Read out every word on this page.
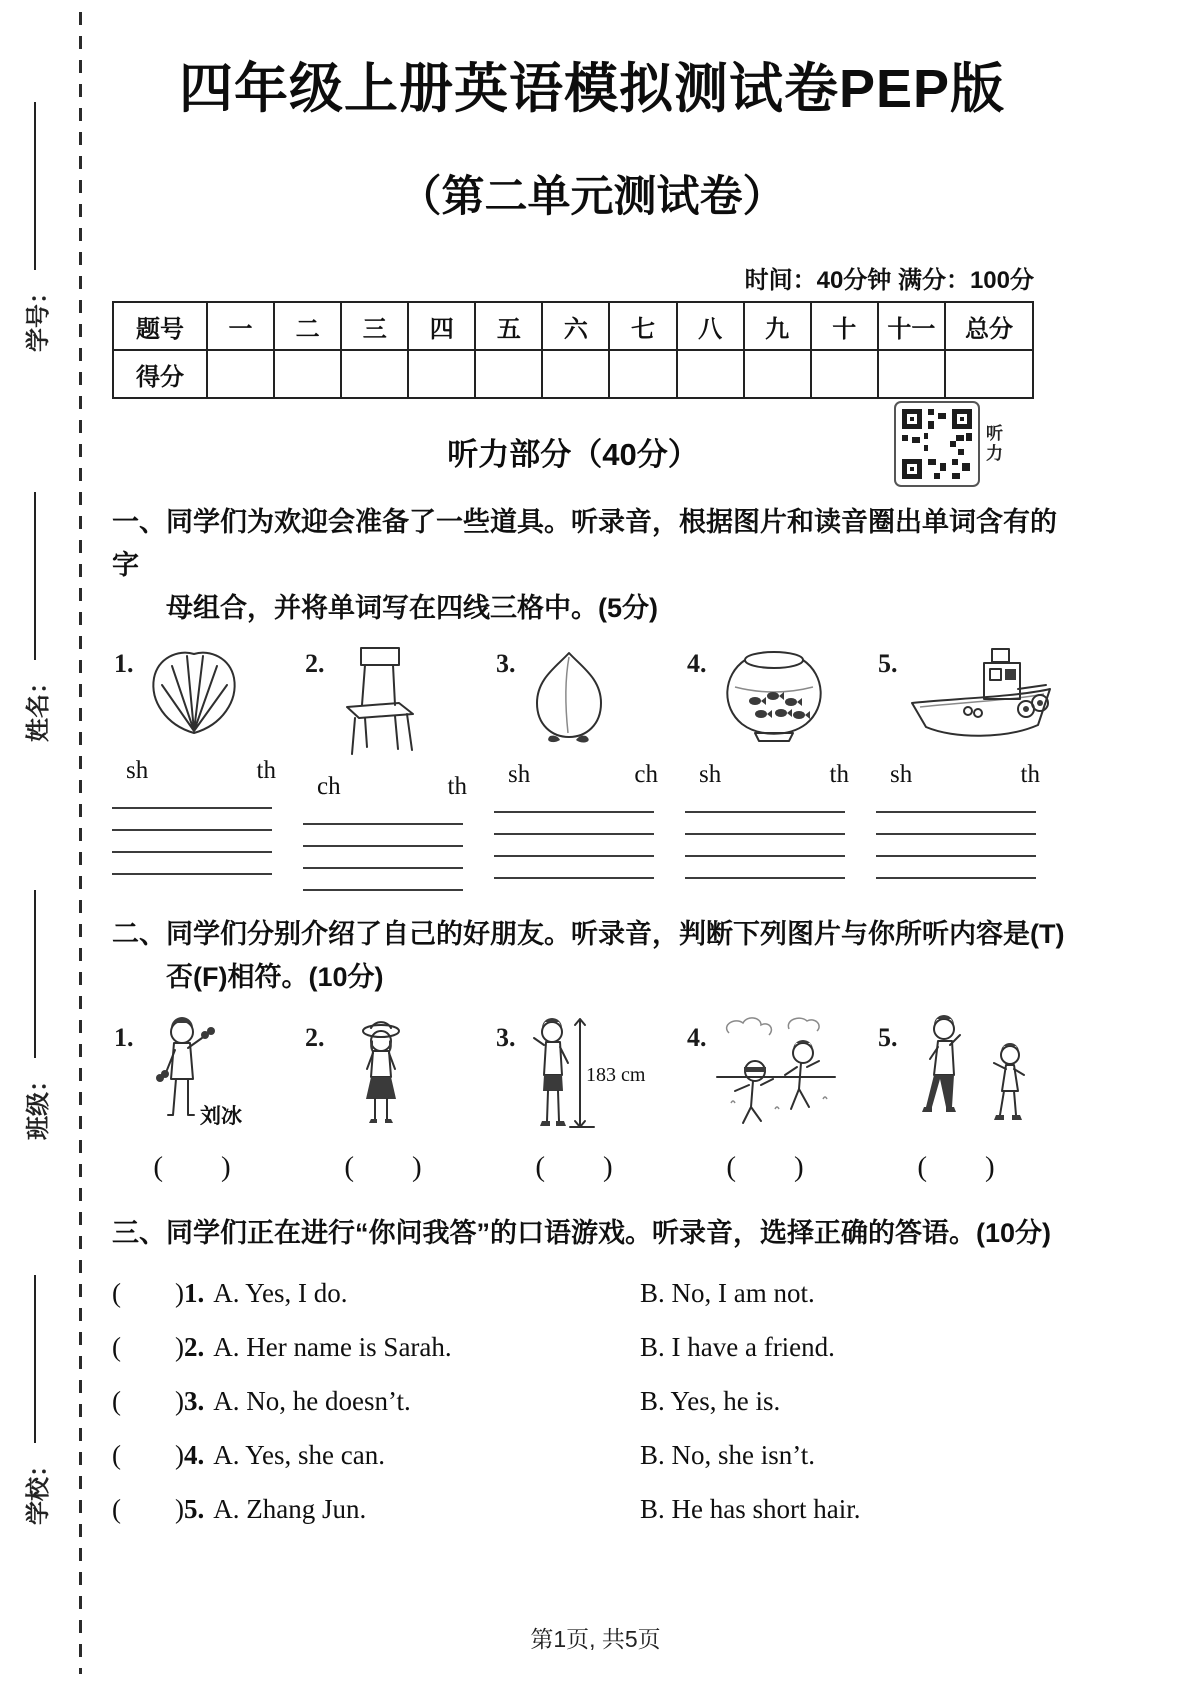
学号：
姓名：
班级：
学校：
四年级上册英语模拟测试卷PEP版
（第二单元测试卷）
时间：40分钟 满分：100分
题号	一	二	三	四	五	六	七	八	九	十	十一	总分
得分												
听力部分（40分）
听力

一、同学们为欢迎会准备了一些道具。听录音，根据图片和读音圈出单词含有的字
母组合，并将单词写在四线三格中。(5分)

1.
sh	th
2.
ch	th
3.
sh	ch
4.
sh	th
5.
sh	th

二、同学们分别介绍了自己的好朋友。听录音，判断下列图片与你所听内容是(T)
否(F)相符。(10分)

1.
刘冰
(        )
2.
(        )
3.
183 cm
(        )
4.
(        )
5.
(        )

三、同学们正在进行“你问我答”的口语游戏。听录音，选择正确的答语。(10分)

(        ) 1. A. Yes, I do.	B. No, I am not.
(        ) 2. A. Her name is Sarah.	B. I have a friend.
(        ) 3. A. No, he doesn’t.	B. Yes, he is.
(        ) 4. A. Yes, she can.	B. No, she isn’t.
(        ) 5. A. Zhang Jun.	B. He has short hair.
第1页, 共5页
